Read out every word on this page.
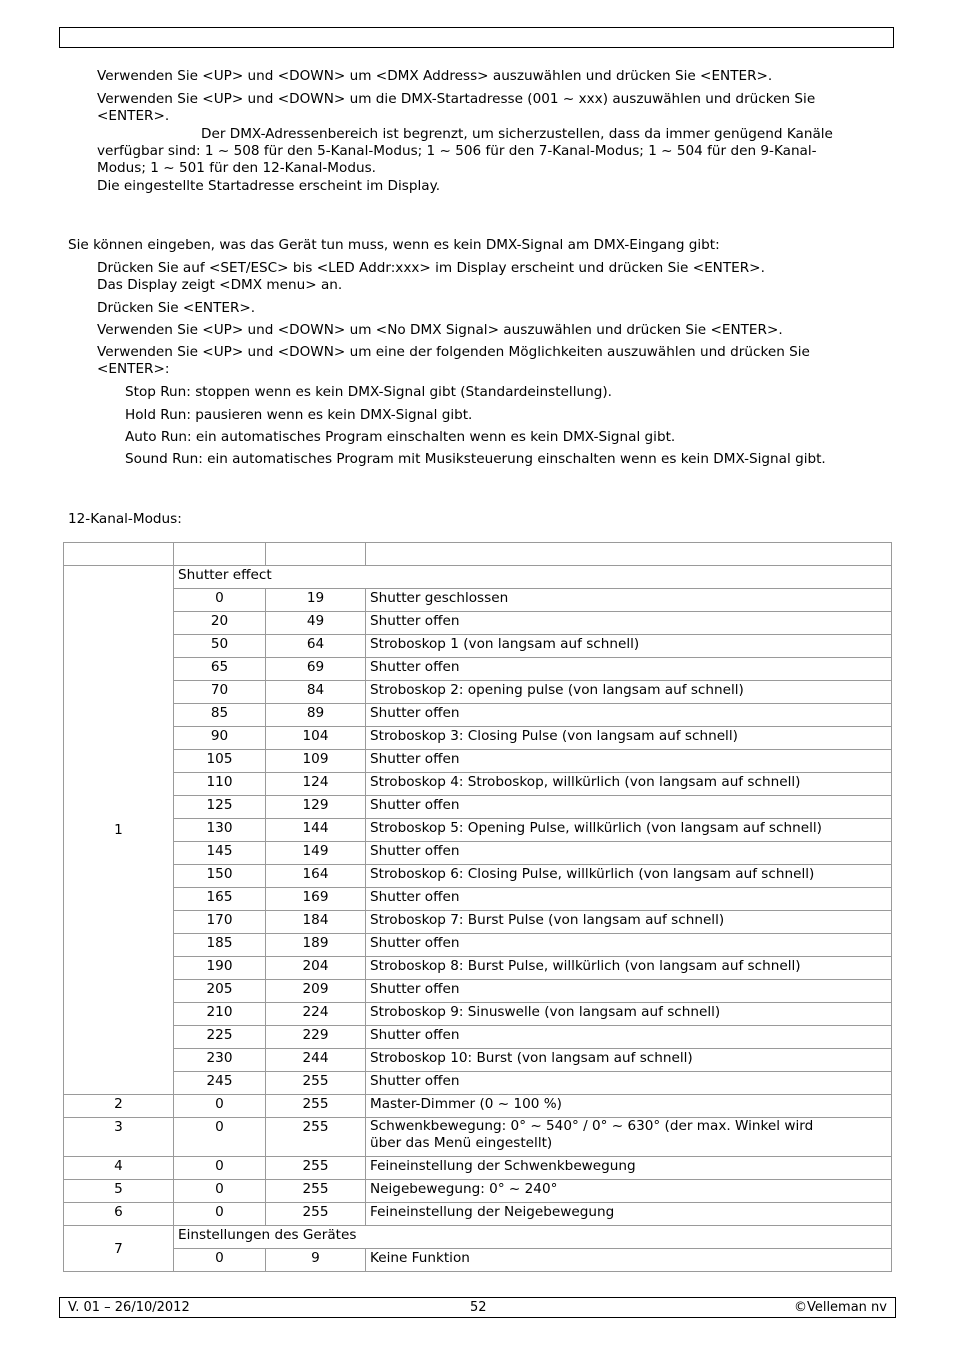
Verwenden Sie <UP> und <DOWN> um <DMX Address> auszuwählen und drücken Sie <ENTER>.
Verwenden Sie <UP> und <DOWN> um die DMX-Startadresse (001 ~ xxx) auszuwählen und drücken Sie
<ENTER>.
Der DMX-Adressenbereich ist begrenzt, um sicherzustellen, dass da immer genügend Kanäle
verfügbar sind: 1 ~ 508 für den 5-Kanal-Modus; 1 ~ 506 für den 7-Kanal-Modus; 1 ~ 504 für den 9-Kanal-
Modus; 1 ~ 501 für den 12-Kanal-Modus.
Die eingestellte Startadresse erscheint im Display.
Sie können eingeben, was das Gerät tun muss, wenn es kein DMX-Signal am DMX-Eingang gibt:
Drücken Sie auf <SET/ESC> bis <LED Addr:xxx> im Display erscheint und drücken Sie <ENTER>.
Das Display zeigt <DMX menu> an.
Drücken Sie <ENTER>.
Verwenden Sie <UP> und <DOWN> um <No DMX Signal> auszuwählen und drücken Sie <ENTER>.
Verwenden Sie <UP> und <DOWN> um eine der folgenden Möglichkeiten auszuwählen und drücken Sie
<ENTER>:
Stop Run: stoppen wenn es kein DMX-Signal gibt (Standardeinstellung).
Hold Run: pausieren wenn es kein DMX-Signal gibt.
Auto Run: ein automatisches Program einschalten wenn es kein DMX-Signal gibt.
Sound Run: ein automatisches Program mit Musiksteuerung einschalten wenn es kein DMX-Signal gibt.
12-Kanal-Modus:

1	Shutter effect		
	0	19	Shutter geschlossen
	20	49	Shutter offen
	50	64	Stroboskop 1 (von langsam auf schnell)
	65	69	Shutter offen
	70	84	Stroboskop 2: opening pulse (von langsam auf schnell)
	85	89	Shutter offen
	90	104	Stroboskop 3: Closing Pulse (von langsam auf schnell)
	105	109	Shutter offen
	110	124	Stroboskop 4: Stroboskop, willkürlich (von langsam auf schnell)
	125	129	Shutter offen
	130	144	Stroboskop 5: Opening Pulse, willkürlich (von langsam auf schnell)
	145	149	Shutter offen
	150	164	Stroboskop 6: Closing Pulse, willkürlich (von langsam auf schnell)
	165	169	Shutter offen
	170	184	Stroboskop 7: Burst Pulse (von langsam auf schnell)
	185	189	Shutter offen
	190	204	Stroboskop 8: Burst Pulse, willkürlich (von langsam auf schnell)
	205	209	Shutter offen
	210	224	Stroboskop 9: Sinuswelle (von langsam auf schnell)
	225	229	Shutter offen
	230	244	Stroboskop 10: Burst (von langsam auf schnell)
	245	255	Shutter offen
2	0	255	Master-Dimmer (0 ~ 100 %)
3	0	255	Schwenkbewegung: 0° ~ 540° / 0° ~ 630° (der max. Winkel wird
über das Menü eingestellt)

4	0	255	Feineinstellung der Schwenkbewegung
5	0	255	Neigebewegung: 0° ~ 240°
6	0	255	Feineinstellung der Neigebewegung
7	Einstellungen des Gerätes		
	0	9	Keine Funktion
V. 01 – 26/10/2012	52	©Velleman nv
